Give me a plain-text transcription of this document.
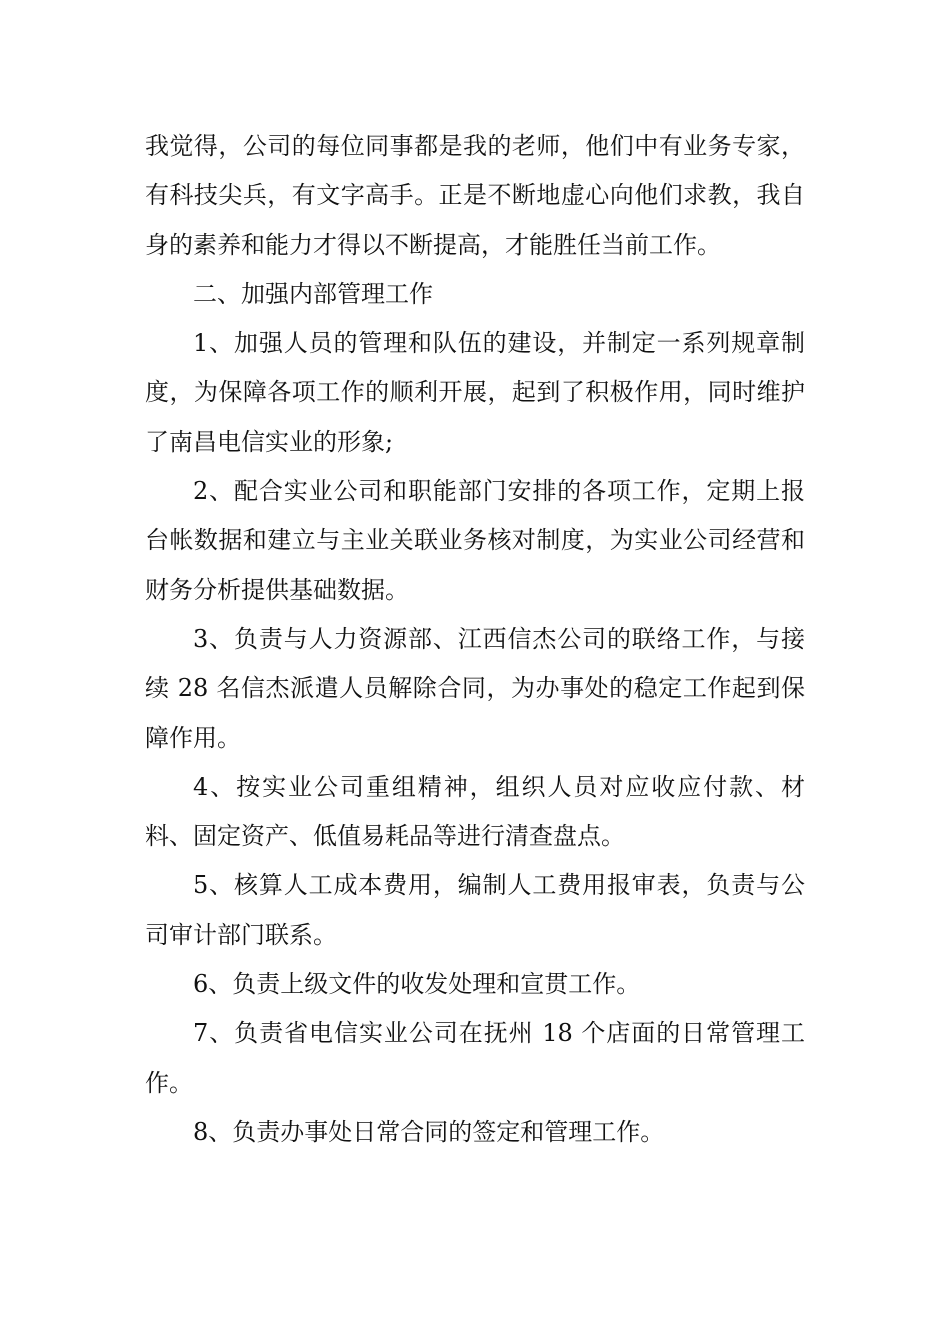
我觉得，公司的每位同事都是我的老师，他们中有业务专家，有科技尖兵，有文字高手。正是不断地虚心向他们求教，我自身的素养和能力才得以不断提高，才能胜任当前工作。

二、加强内部管理工作

1、加强人员的管理和队伍的建设，并制定一系列规章制度，为保障各项工作的顺利开展，起到了积极作用，同时维护了南昌电信实业的形象;

2、配合实业公司和职能部门安排的各项工作，定期上报台帐数据和建立与主业关联业务核对制度，为实业公司经营和财务分析提供基础数据。

3、负责与人力资源部、江西信杰公司的联络工作，与接续 28 名信杰派遣人员解除合同，为办事处的稳定工作起到保障作用。

4、按实业公司重组精神，组织人员对应收应付款、材料、固定资产、低值易耗品等进行清查盘点。

5、核算人工成本费用，编制人工费用报审表，负责与公司审计部门联系。

6、负责上级文件的收发处理和宣贯工作。

7、负责省电信实业公司在抚州 18 个店面的日常管理工作。

8、负责办事处日常合同的签定和管理工作。
